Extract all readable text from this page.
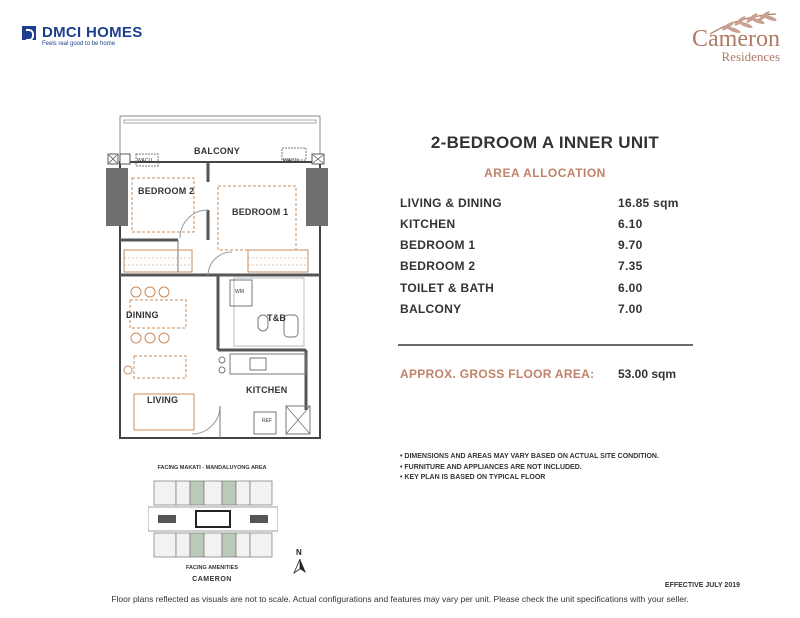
DMCI HOMES
Feels real good to be home	Cameron
Residences
BALCONY
BEDROOM 2
BEDROOM 1
DINING	T&B
KITCHEN
LIVING
WM
REF
WACU	WACU
2-BEDROOM A INNER UNIT
AREA ALLOCATION
LIVING & DINING	16.85 sqm
KITCHEN	6.10
BEDROOM 1	9.70
BEDROOM 2	7.35
TOILET & BATH	6.00
BALCONY	7.00
APPROX. GROSS FLOOR AREA: 53.00 sqm
• DIMENSIONS AND AREAS MAY VARY BASED ON ACTUAL SITE CONDITION.
• FURNITURE AND APPLIANCES ARE NOT INCLUDED.
• KEY PLAN IS BASED ON TYPICAL FLOOR
FACING MAKATI - MANDALUYONG AREA
FACING AMENITIES
CAMERON
N
EFFECTIVE JULY 2019
Floor plans reflected as visuals are not to scale. Actual configurations and features may vary per unit. Please check the unit specifications with your seller.
